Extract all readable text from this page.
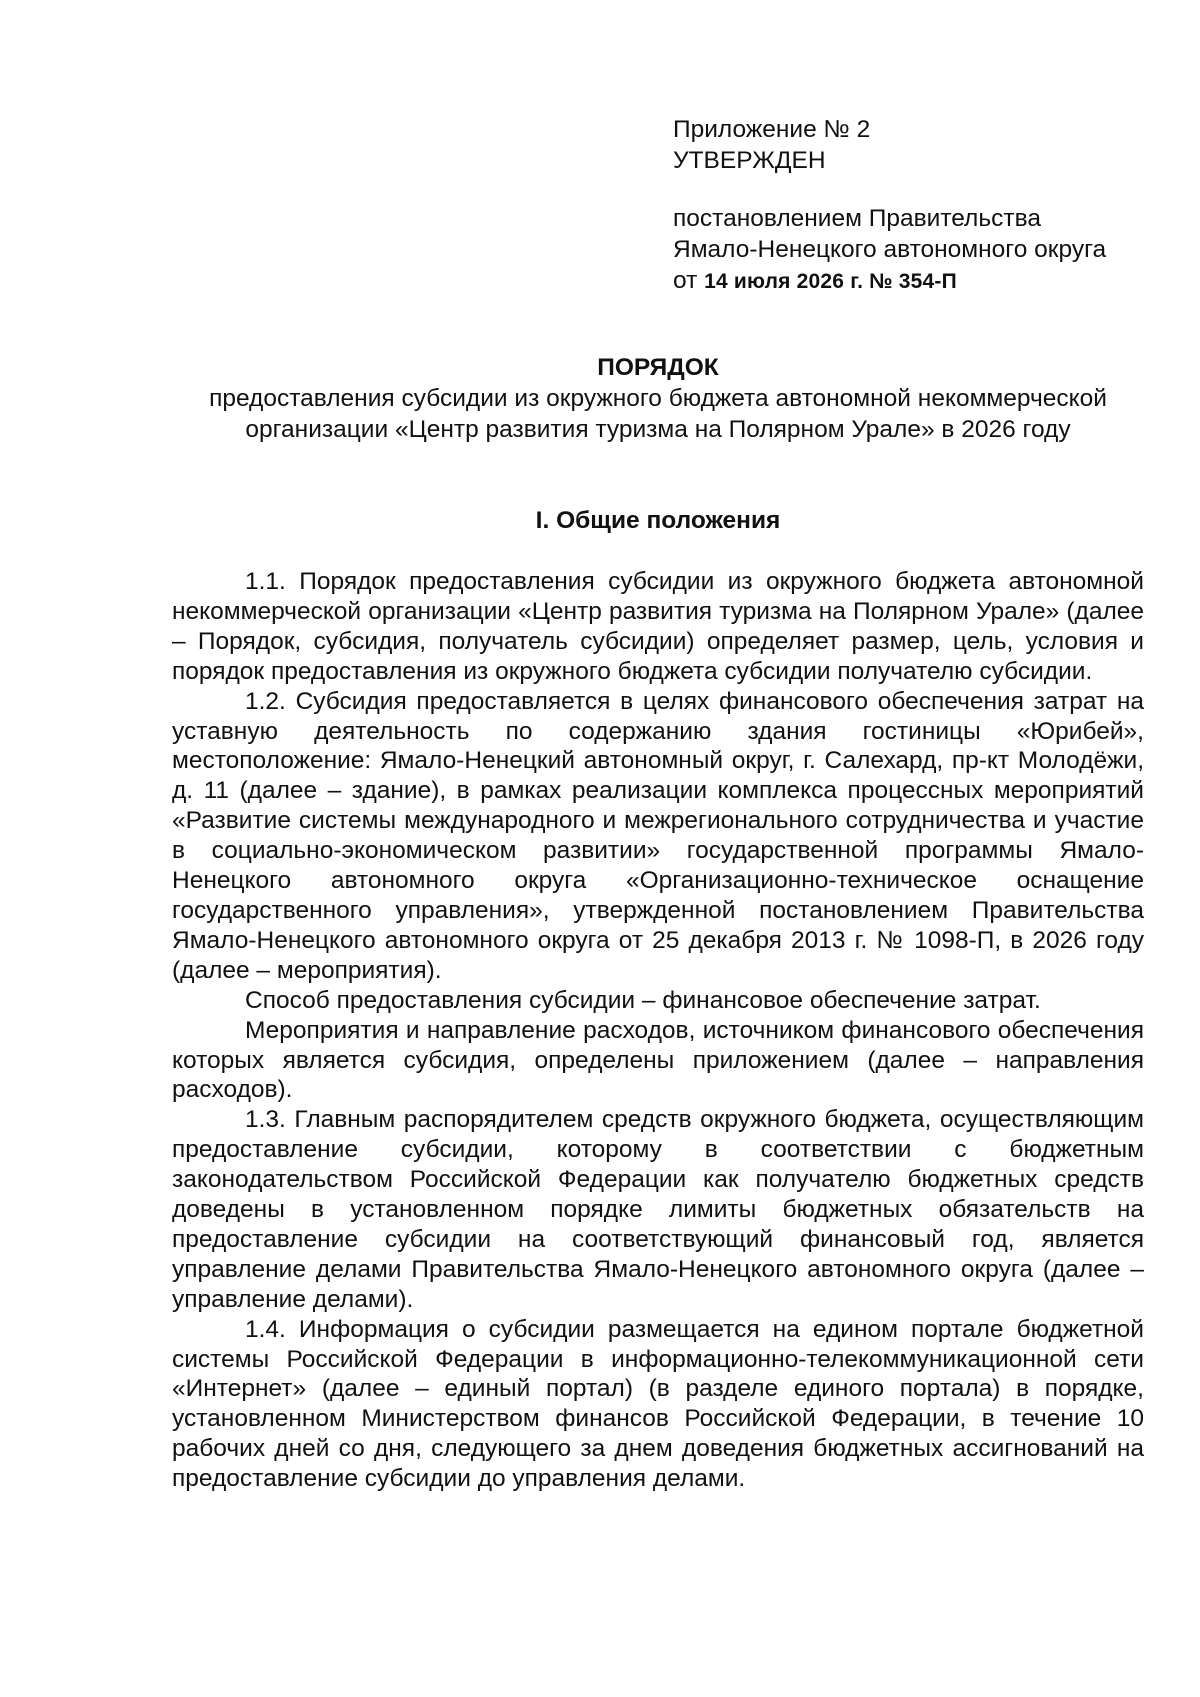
Приложение № 2
УТВЕРЖДЕН
постановлением Правительства
Ямало-Ненецкого автономного округа
от 14 июля 2026 г. № 354-П
ПОРЯДОК
предоставления субсидии из окружного бюджета автономной некоммерческой организации «Центр развития туризма на Полярном Урале» в 2026 году
I. Общие положения

1.1. Порядок предоставления субсидии из окружного бюджета автономной некоммерческой организации «Центр развития туризма на Полярном Урале» (далее – Порядок, субсидия, получатель субсидии) определяет размер, цель, условия и порядок предоставления из окружного бюджета субсидии получателю субсидии.

1.2. Субсидия предоставляется в целях финансового обеспечения затрат на уставную деятельность по содержанию здания гостиницы «Юрибей», местоположение: Ямало-Ненецкий автономный округ, г. Салехард, пр-кт Молодёжи, д. 11 (далее – здание), в рамках реализации комплекса процессных мероприятий «Развитие системы международного и межрегионального сотрудничества и участие в социально-экономическом развитии» государственной программы Ямало-Ненецкого автономного округа «Организационно-техническое оснащение государственного управления», утвержденной постановлением Правительства Ямало-Ненецкого автономного округа от 25 декабря 2013 г. № 1098-П, в 2026 году (далее – мероприятия).

Способ предоставления субсидии – финансовое обеспечение затрат.

Мероприятия и направление расходов, источником финансового обеспечения которых является субсидия, определены приложением (далее – направления расходов).

1.3. Главным распорядителем средств окружного бюджета, осуществляющим предоставление субсидии, которому в соответствии с бюджетным законодательством Российской Федерации как получателю бюджетных средств доведены в установленном порядке лимиты бюджетных обязательств на предоставление субсидии на соответствующий финансовый год, является управление делами Правительства Ямало-Ненецкого автономного округа (далее – управление делами).

1.4. Информация о субсидии размещается на едином портале бюджетной системы Российской Федерации в информационно-телекоммуникационной сети «Интернет» (далее – единый портал) (в разделе единого портала) в порядке, установленном Министерством финансов Российской Федерации, в течение 10 рабочих дней со дня, следующего за днем доведения бюджетных ассигнований на предоставление субсидии до управления делами.
